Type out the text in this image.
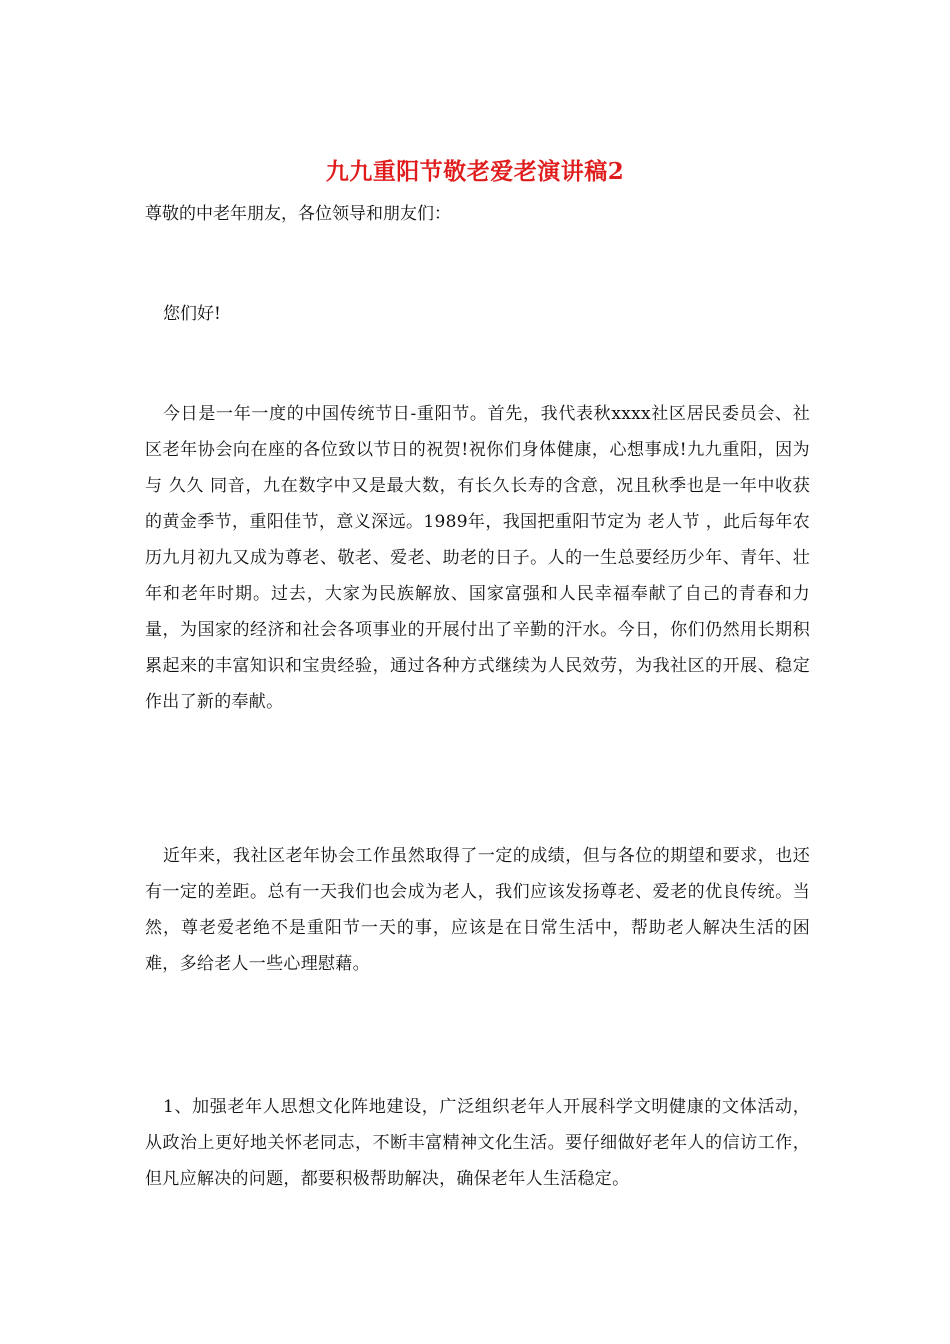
九九重阳节敬老爱老演讲稿2

尊敬的中老年朋友，各位领导和朋友们：

您们好!

今日是一年一度的中国传统节日-重阳节。首先，我代表秋xxxx社区居民委员会、社区老年协会向在座的各位致以节日的祝贺!祝你们身体健康，心想事成!九九重阳，因为与 久久 同音，九在数字中又是最大数，有长久长寿的含意，况且秋季也是一年中收获的黄金季节，重阳佳节，意义深远。1989年，我国把重阳节定为 老人节 ，此后每年农历九月初九又成为尊老、敬老、爱老、助老的日子。人的一生总要经历少年、青年、壮年和老年时期。过去，大家为民族解放、国家富强和人民幸福奉献了自己的青春和力量，为国家的经济和社会各项事业的开展付出了辛勤的汗水。今日，你们仍然用长期积累起来的丰富知识和宝贵经验，通过各种方式继续为人民效劳，为我社区的开展、稳定作出了新的奉献。

近年来，我社区老年协会工作虽然取得了一定的成绩，但与各位的期望和要求，也还有一定的差距。总有一天我们也会成为老人，我们应该发扬尊老、爱老的优良传统。当然，尊老爱老绝不是重阳节一天的事，应该是在日常生活中，帮助老人解决生活的困难，多给老人一些心理慰藉。

1、加强老年人思想文化阵地建设，广泛组织老年人开展科学文明健康的文体活动，从政治上更好地关怀老同志，不断丰富精神文化生活。要仔细做好老年人的信访工作，但凡应解决的问题，都要积极帮助解决，确保老年人生活稳定。
